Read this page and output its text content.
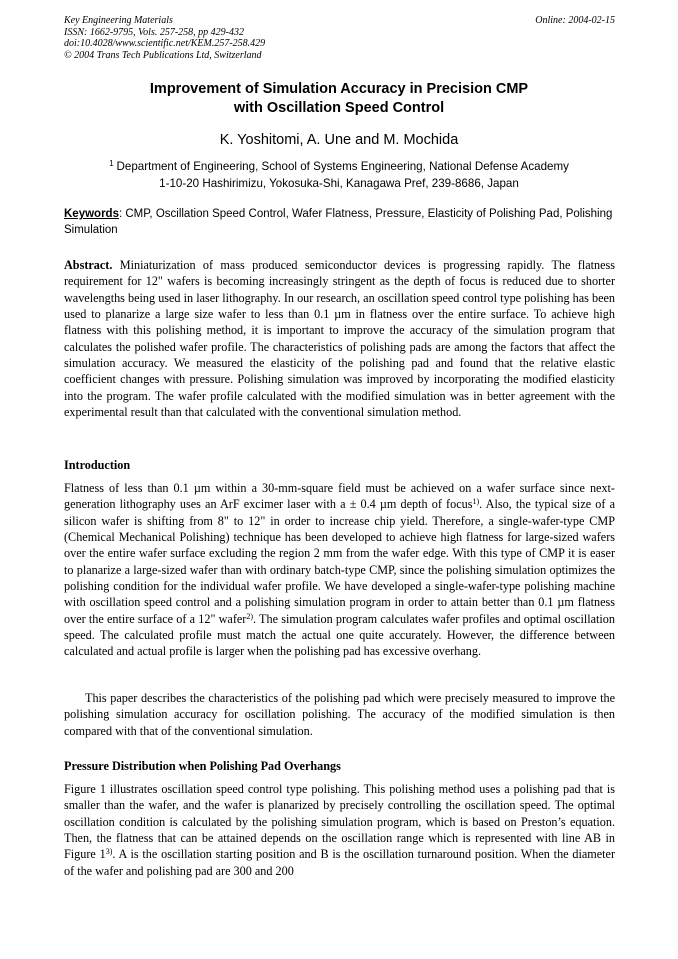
Key Engineering Materials
ISSN: 1662-9795, Vols. 257-258, pp 429-432
doi:10.4028/www.scientific.net/KEM.257-258.429
© 2004 Trans Tech Publications Ltd, Switzerland
Online: 2004-02-15
Improvement of Simulation Accuracy in Precision CMP
with Oscillation Speed Control
K. Yoshitomi, A. Une and M. Mochida
$^1$ Department of Engineering, School of Systems Engineering, National Defense Academy
1-10-20 Hashirimizu, Yokosuka-Shi, Kanagawa Pref, 239-8686, Japan
Keywords: CMP, Oscillation Speed Control, Wafer Flatness, Pressure, Elasticity of Polishing Pad, Polishing Simulation
Abstract. Miniaturization of mass produced semiconductor devices is progressing rapidly. The flatness requirement for 12" wafers is becoming increasingly stringent as the depth of focus is reduced due to shorter wavelengths being used in laser lithography. In our research, an oscillation speed control type polishing has been used to planarize a large size wafer to less than 0.1 µm in flatness over the entire surface. To achieve high flatness with this polishing method, it is important to improve the accuracy of the simulation program that calculates the polished wafer profile. The characteristics of polishing pads are among the factors that affect the simulation accuracy. We measured the elasticity of the polishing pad and found that the relative elastic coefficient changes with pressure. Polishing simulation was improved by incorporating the modified elasticity into the program. The wafer profile calculated with the modified simulation was in better agreement with the experimental result than that calculated with the conventional simulation method.
Introduction
Flatness of less than 0.1 µm within a 30-mm-square field must be achieved on a wafer surface since next-generation lithography uses an ArF excimer laser with a ± 0.4 µm depth of focus$^{1)}$. Also, the typical size of a silicon wafer is shifting from 8" to 12" in order to increase chip yield. Therefore, a single-wafer-type CMP (Chemical Mechanical Polishing) technique has been developed to achieve high flatness for large-sized wafers over the entire wafer surface excluding the region 2 mm from the wafer edge. With this type of CMP it is easer to planarize a large-sized wafer than with ordinary batch-type CMP, since the polishing simulation optimizes the polishing condition for the individual wafer profile. We have developed a single-wafer-type polishing machine with oscillation speed control and a polishing simulation program in order to attain better than 0.1 µm flatness over the entire surface of a 12" wafer$^{2)}$. The simulation program calculates wafer profiles and optimal oscillation speed. The calculated profile must match the actual one quite accurately. However, the difference between calculated and actual profile is larger when the polishing pad has excessive overhang.
This paper describes the characteristics of the polishing pad which were precisely measured to improve the polishing simulation accuracy for oscillation polishing. The accuracy of the modified simulation is then compared with that of the conventional simulation.
Pressure Distribution when Polishing Pad Overhangs
Figure 1 illustrates oscillation speed control type polishing. This polishing method uses a polishing pad that is smaller than the wafer, and the wafer is planarized by precisely controlling the oscillation speed. The optimal oscillation condition is calculated by the polishing simulation program, which is based on Preston’s equation. Then, the flatness that can be attained depends on the oscillation range which is represented with line AB in Figure 1$^{3)}$. A is the oscillation starting position and B is the oscillation turnaround position. When the diameter of the wafer and polishing pad are 300 and 200
